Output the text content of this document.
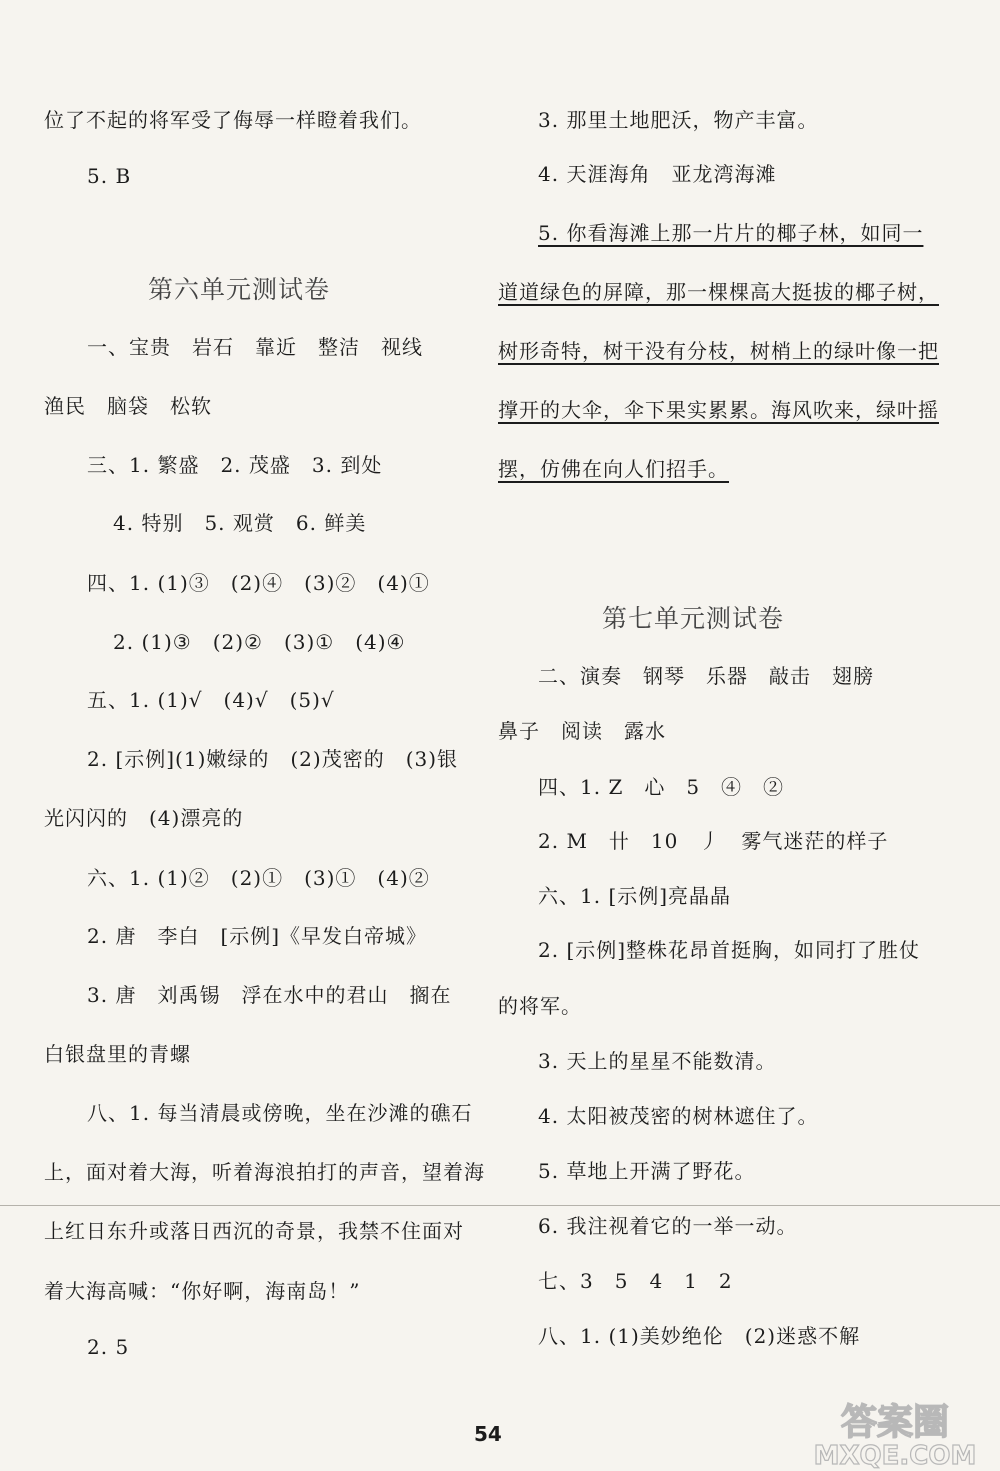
位了不起的将军受了侮辱一样瞪着我们。
5. B
第六单元测试卷
一、宝贵　岩石　靠近　整洁　视线
渔民　脑袋　松软
三、1. 繁盛　2. 茂盛　3. 到处
4. 特别　5. 观赏　6. 鲜美
四、1. (1)③　(2)④　(3)②　(4)①
2. (1)③　(2)②　(3)①　(4)④
五、1. (1)√　(4)√　(5)√
2. [示例](1)嫩绿的　(2)茂密的　(3)银
光闪闪的　(4)漂亮的
六、1. (1)②　(2)①　(3)①　(4)②
2. 唐　李白　[示例]《早发白帝城》
3. 唐　刘禹锡　浮在水中的君山　搁在
白银盘里的青螺
八、1. 每当清晨或傍晚，坐在沙滩的礁石
上，面对着大海，听着海浪拍打的声音，望着海
上红日东升或落日西沉的奇景，我禁不住面对
着大海高喊：“你好啊，海南岛！”
2. 5
3. 那里土地肥沃，物产丰富。
4. 天涯海角　亚龙湾海滩
5. 你看海滩上那一片片的椰子林，如同一
道道绿色的屏障，那一棵棵高大挺拔的椰子树，
树形奇特，树干没有分枝，树梢上的绿叶像一把
撑开的大伞，伞下果实累累。海风吹来，绿叶摇
摆，仿佛在向人们招手。
第七单元测试卷
二、演奏　钢琴　乐器　敲击　翅膀
鼻子　阅读　露水
四、1. Z　心　5　④　②
2. M　卄　10　丿　雾气迷茫的样子
六、1. [示例]亮晶晶
2. [示例]整株花昂首挺胸，如同打了胜仗
的将军。
3. 天上的星星不能数清。
4. 太阳被茂密的树林遮住了。
5. 草地上开满了野花。
6. 我注视着它的一举一动。
七、3　5　4　1　2
八、1. (1)美妙绝伦　(2)迷惑不解
54	答案圈
MXQE.COM
